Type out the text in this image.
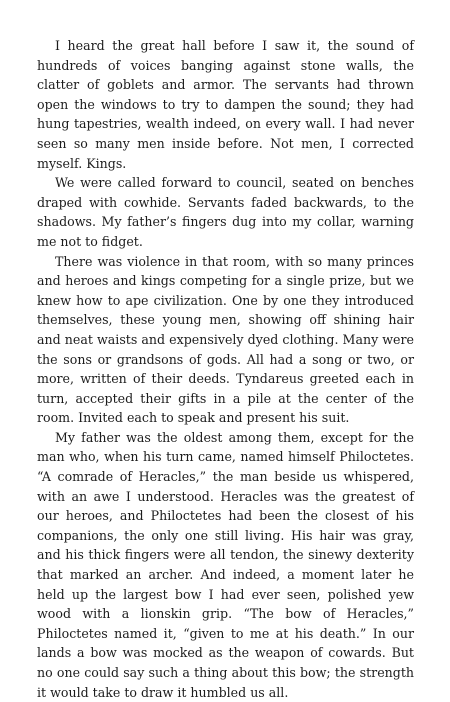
I heard the great hall before I saw it, the sound of hundreds of voices banging against stone walls, the clatter of goblets and armor. The servants had thrown open the windows to try to dampen the sound; they had hung tapestries, wealth indeed, on every wall. I had never seen so many men inside before. Not men, I corrected myself. Kings.

We were called forward to council, seated on benches draped with cowhide. Servants faded backwards, to the shadows. My father’s fingers dug into my collar, warning me not to fidget.

There was violence in that room, with so many princes and heroes and kings competing for a single prize, but we knew how to ape civilization. One by one they introduced themselves, these young men, showing off shining hair and neat waists and expensively dyed clothing. Many were the sons or grandsons of gods. All had a song or two, or more, written of their deeds. Tyndareus greeted each in turn, accepted their gifts in a pile at the center of the room. Invited each to speak and present his suit.

My father was the oldest among them, except for the man who, when his turn came, named himself Philoctetes. “A comrade of Heracles,” the man beside us whispered, with an awe I understood. Heracles was the greatest of our heroes, and Philoctetes had been the closest of his companions, the only one still living. His hair was gray, and his thick fingers were all tendon, the sinewy dexterity that marked an archer. And indeed, a moment later he held up the largest bow I had ever seen, polished yew wood with a lionskin grip. “The bow of Heracles,” Philoctetes named it, “given to me at his death.” In our lands a bow was mocked as the weapon of cowards. But no one could say such a thing about this bow; the strength it would take to draw it humbled us all.
